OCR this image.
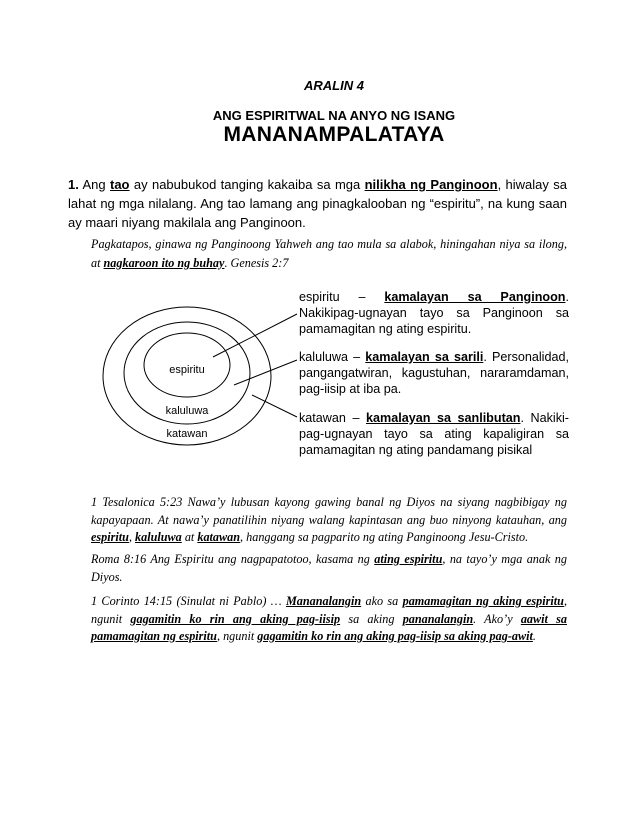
ARALIN 4
ANG ESPIRITWAL NA ANYO NG ISANG
MANANAMPALATAYA
1. Ang tao ay nabubukod tanging kakaiba sa mga nilikha ng Panginoon, hiwalay sa lahat ng mga nilalang. Ang tao lamang ang pinagkalooban ng “espiritu”, na kung saan ay maari niyang makilala ang Panginoon.
Pagkatapos, ginawa ng Panginoong Yahweh ang tao mula sa alabok, hiningahan niya sa ilong, at nagkaroon ito ng buhay. Genesis 2:7
espiritu
kaluluwa
katawan
espiritu – kamalayan sa Panginoon. Nakikipag-ugnayan tayo sa Panginoon sa pamamagitan ng ating espiritu.
kaluluwa – kamalayan sa sarili. Personalidad, pangangatwiran, kagustuhan, nararamdaman, pag-iisip at iba pa.
katawan – kamalayan sa sanlibutan. Nakiki-pag-ugnayan tayo sa ating kapaligiran sa pamamagitan ng ating pandamang pisikal
1 Tesalonica 5:23 Nawa’y lubusan kayong gawing banal ng Diyos na siyang nagbibigay ng kapayapaan. At nawa’y panatilihin niyang walang kapintasan ang buo ninyong katauhan, ang espiritu, kaluluwa at katawan, hanggang sa pagparito ng ating Panginoong Jesu-Cristo.
Roma 8:16 Ang Espiritu ang nagpapatotoo, kasama ng ating espiritu, na tayo’y mga anak ng Diyos.
1 Corinto 14:15 (Sinulat ni Pablo) … Mananalangin ako sa pamamagitan ng aking espiritu, ngunit gagamitin ko rin ang aking pag-iisip sa aking pananalangin. Ako’y aawit sa pamamagitan ng espiritu, ngunit gagamitin ko rin ang aking pag-iisip sa aking pag-awit.
